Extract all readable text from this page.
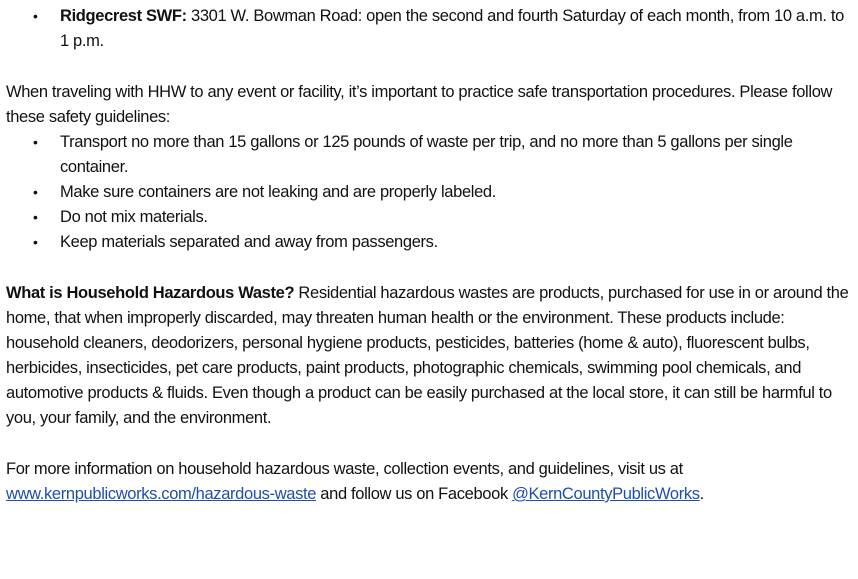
• Ridgecrest SWF: 3301 W. Bowman Road: open the second and fourth Saturday of each month, from 10 a.m. to 1 p.m.

When traveling with HHW to any event or facility, it’s important to practice safe transportation procedures. Please follow these safety guidelines:

• Transport no more than 15 gallons or 125 pounds of waste per trip, and no more than 5 gallons per single container.
• Make sure containers are not leaking and are properly labeled.
• Do not mix materials.
• Keep materials separated and away from passengers.

What is Household Hazardous Waste? Residential hazardous wastes are products, purchased for use in or around the home, that when improperly discarded, may threaten human health or the environment. These products include: household cleaners, deodorizers, personal hygiene products, pesticides, batteries (home & auto), fluorescent bulbs, herbicides, insecticides, pet care products, paint products, photographic chemicals, swimming pool chemicals, and automotive products & fluids. Even though a product can be easily purchased at the local store, it can still be harmful to you, your family, and the environment.

For more information on household hazardous waste, collection events, and guidelines, visit us at www.kernpublicworks.com/hazardous-waste and follow us on Facebook @KernCountyPublicWorks.
